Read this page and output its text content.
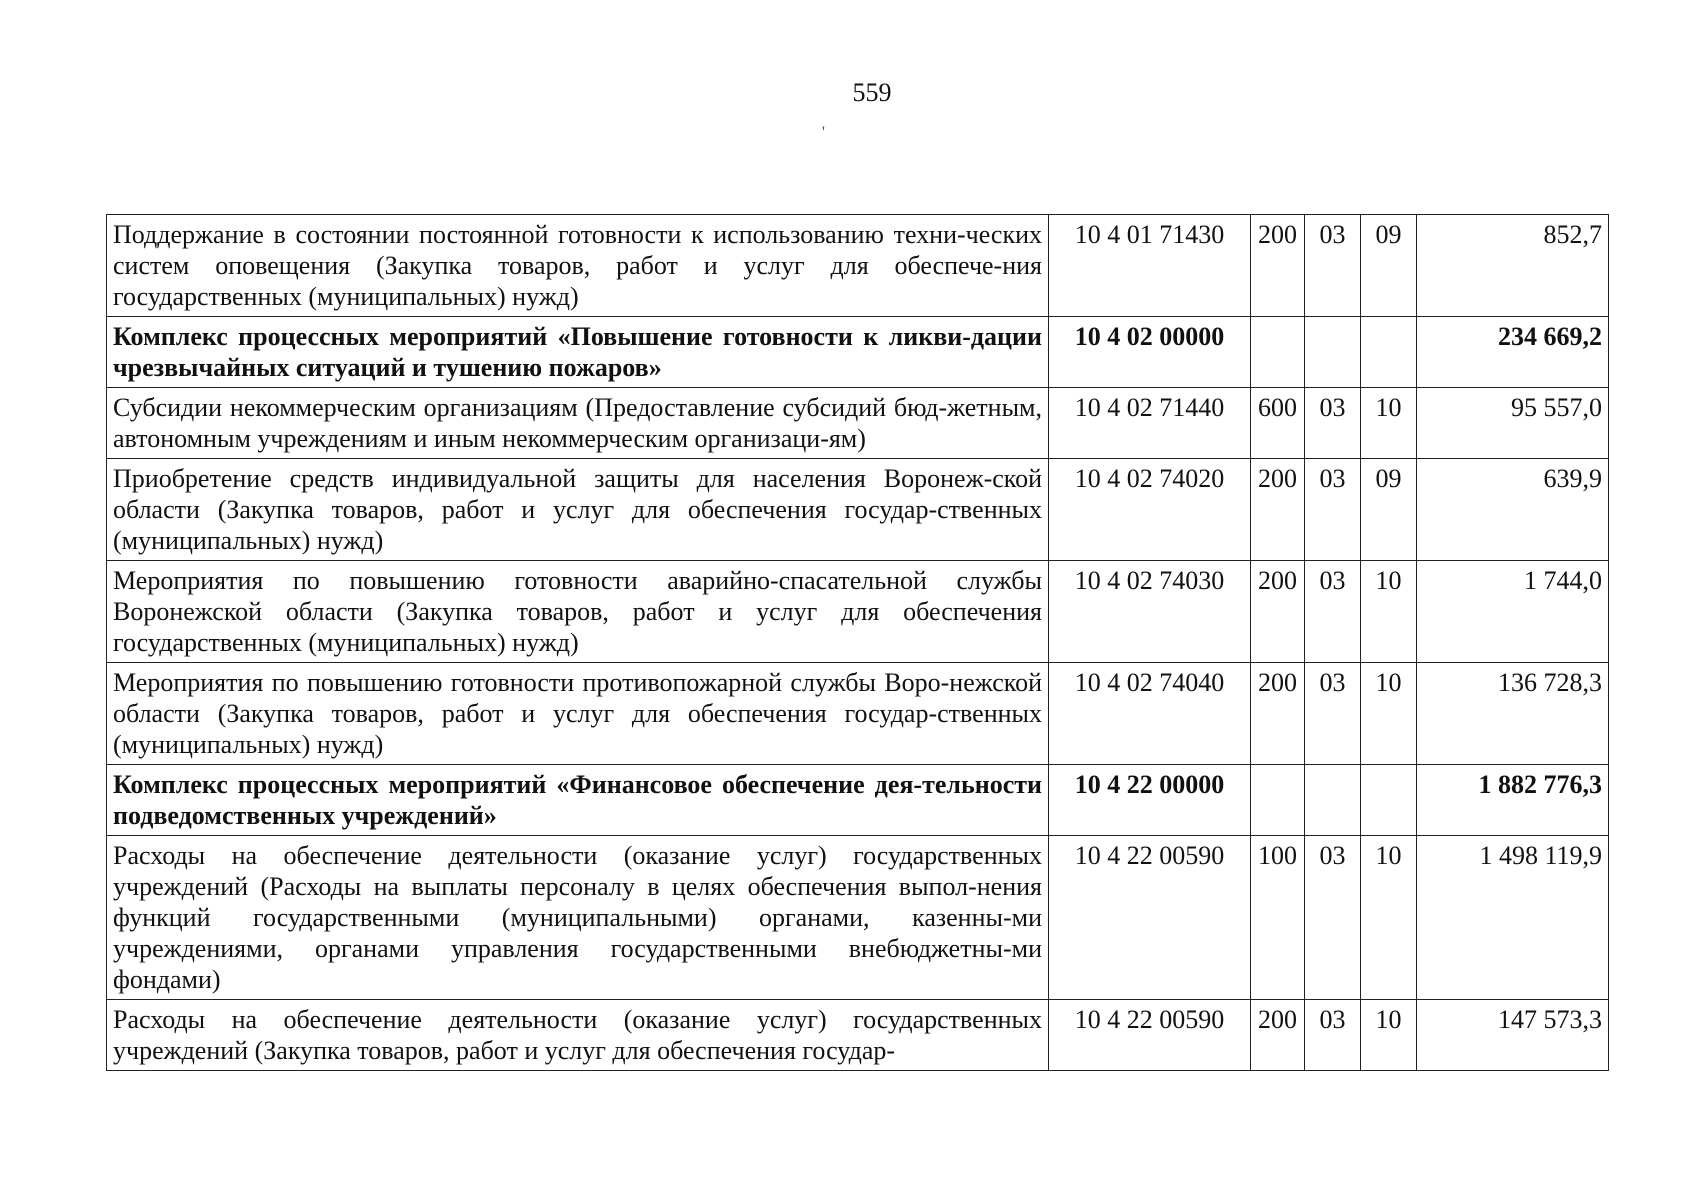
559
'
Поддержание в состоянии постоянной готовности к использованию техни-ческих систем оповещения (Закупка товаров, работ и услуг для обеспече-ния государственных (муниципальных) нужд)	10 4 01 71430	200	03	09	852,7
Комплекс процессных мероприятий «Повышение готовности к ликви-дации чрезвычайных ситуаций и тушению пожаров»	10 4 02 00000				234 669,2
Субсидии некоммерческим организациям (Предоставление субсидий бюд-жетным, автономным учреждениям и иным некоммерческим организаци-ям)	10 4 02 71440	600	03	10	95 557,0
Приобретение средств индивидуальной защиты для населения Воронеж-ской области (Закупка товаров, работ и услуг для обеспечения государ-ственных (муниципальных) нужд)	10 4 02 74020	200	03	09	639,9
Мероприятия по повышению готовности аварийно-спасательной службы Воронежской области (Закупка товаров, работ и услуг для обеспечения государственных (муниципальных) нужд)	10 4 02 74030	200	03	10	1 744,0
Мероприятия по повышению готовности противопожарной службы Воро-нежской области (Закупка товаров, работ и услуг для обеспечения государ-ственных (муниципальных) нужд)	10 4 02 74040	200	03	10	136 728,3
Комплекс процессных мероприятий «Финансовое обеспечение дея-тельности подведомственных учреждений»	10 4 22 00000				1 882 776,3
Расходы на обеспечение деятельности (оказание услуг) государственных учреждений (Расходы на выплаты персоналу в целях обеспечения выпол-нения функций государственными (муниципальными) органами, казенны-ми учреждениями, органами управления государственными внебюджетны-ми фондами)	10 4 22 00590	100	03	10	1 498 119,9
Расходы на обеспечение деятельности (оказание услуг) государственных учреждений (Закупка товаров, работ и услуг для обеспечения государ-	10 4 22 00590	200	03	10	147 573,3
